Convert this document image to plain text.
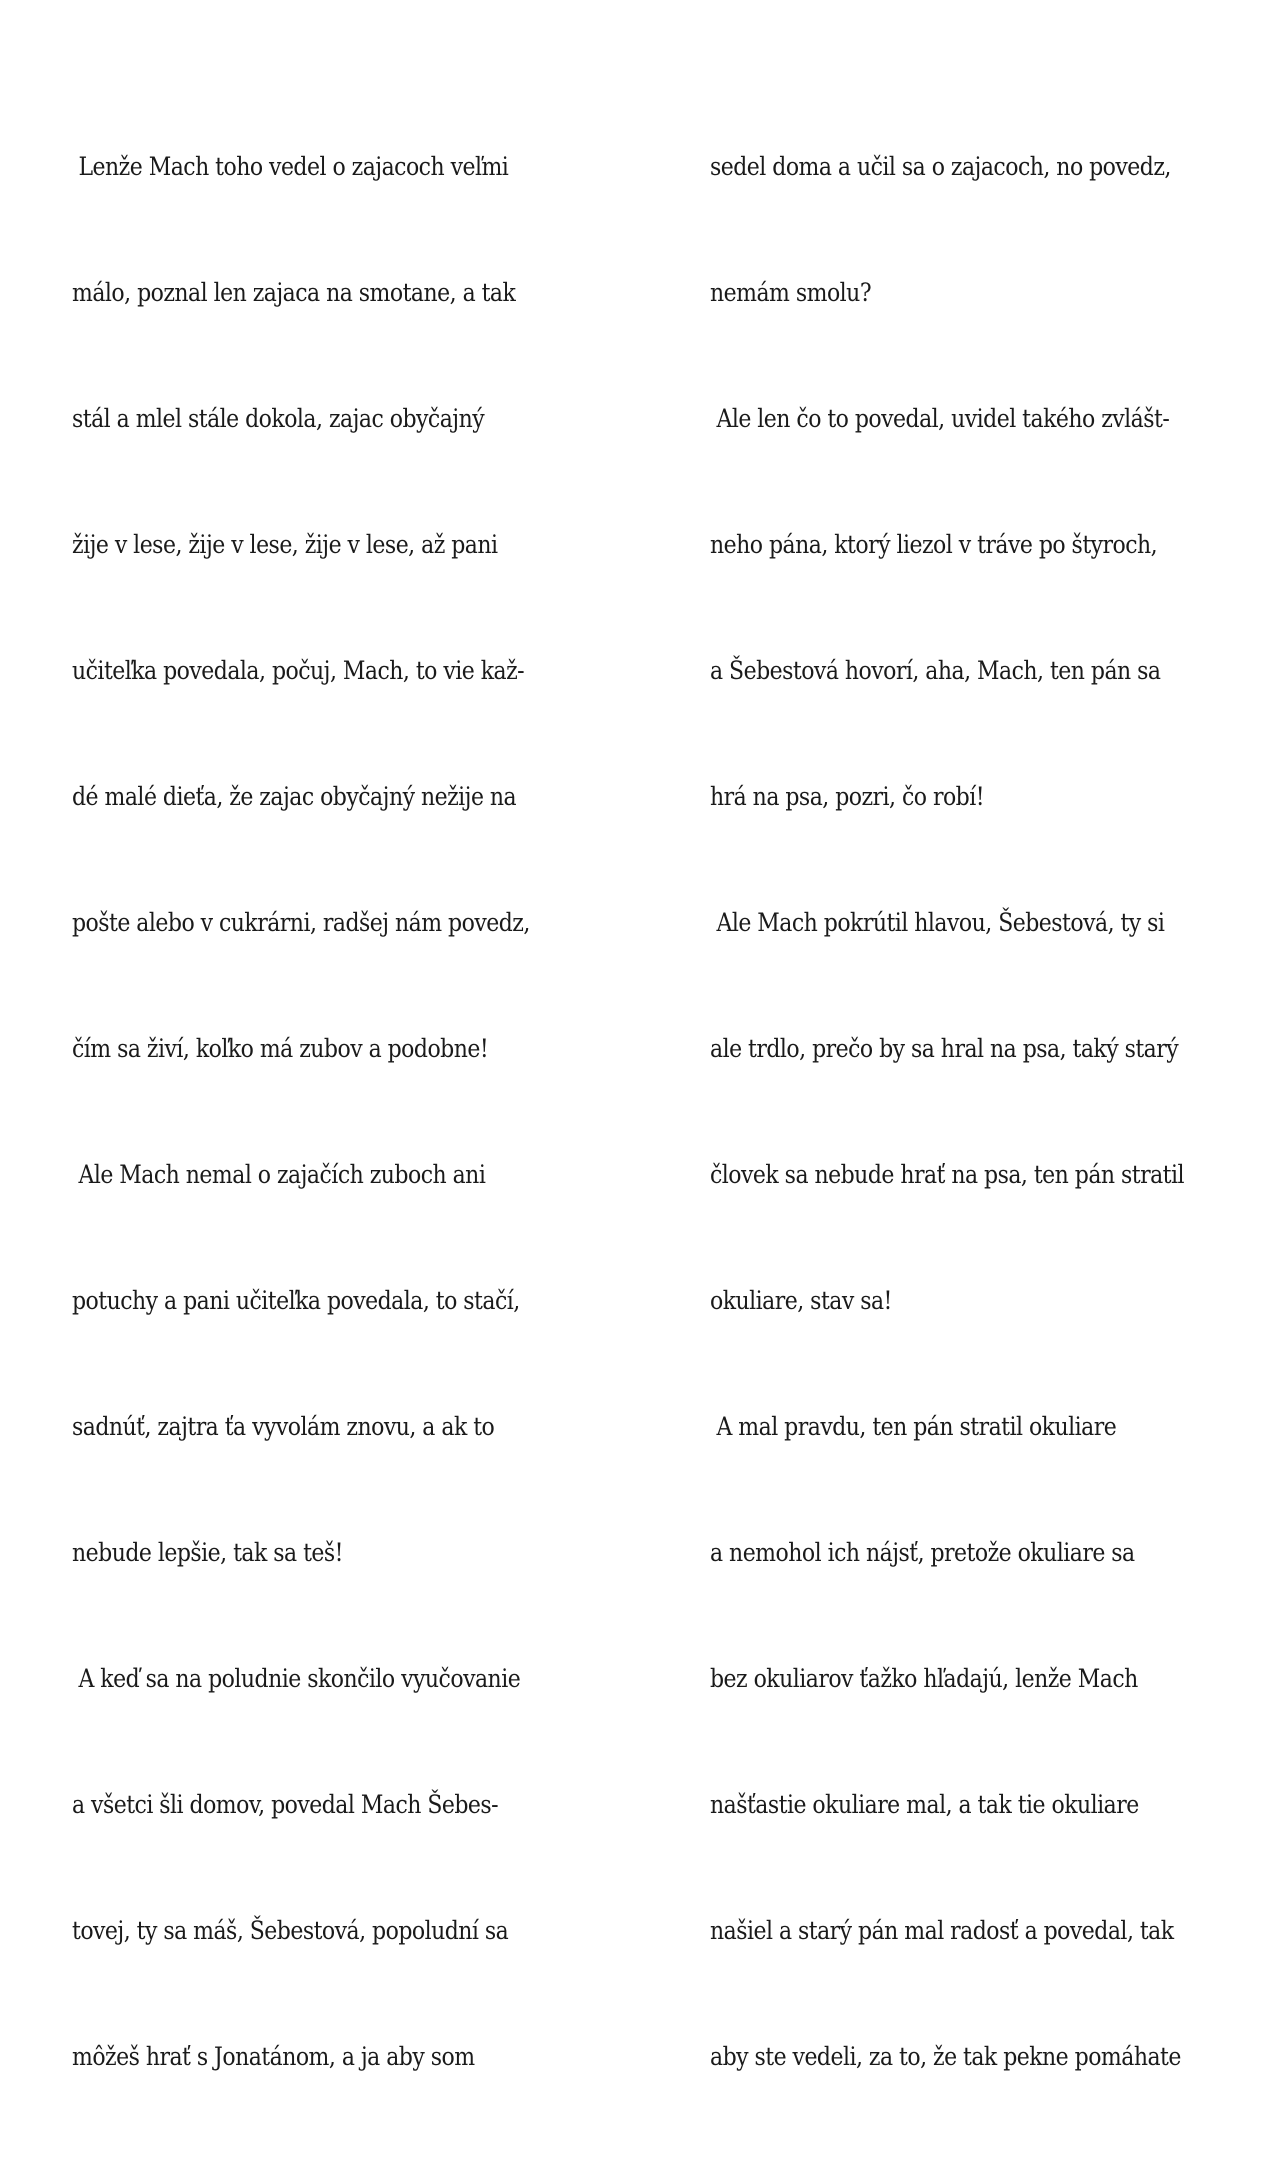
Lenže Mach toho vedel o zajacoch veľmi

málo, poznal len zajaca na smotane, a tak

stál a mlel stále dokola, zajac obyčajný

žije v lese, žije v lese, žije v lese, až pani

učiteľka povedala, počuj, Mach, to vie kaž-

dé malé dieťa, že zajac obyčajný nežije na

pošte alebo v cukrárni, radšej nám povedz,

čím sa živí, koľko má zubov a podobne!

Ale Mach nemal o zajačích zuboch ani

potuchy a pani učiteľka povedala, to stačí,

sadnúť, zajtra ťa vyvolám znovu, a ak to

nebude lepšie, tak sa teš!

A keď sa na poludnie skončilo vyučovanie

a všetci šli domov, povedal Mach Šebes-

tovej, ty sa máš, Šebestová, popoludní sa

môžeš hrať s Jonatánom, a ja aby som

sedel doma a učil sa o zajacoch, no povedz,

nemám smolu?

Ale len čo to povedal, uvidel takého zvlášt-

neho pána, ktorý liezol v tráve po štyroch,

a Šebestová hovorí, aha, Mach, ten pán sa

hrá na psa, pozri, čo robí!

Ale Mach pokrútil hlavou, Šebestová, ty si

ale trdlo, prečo by sa hral na psa, taký starý

človek sa nebude hrať na psa, ten pán stratil

okuliare, stav sa!

A mal pravdu, ten pán stratil okuliare

a nemohol ich nájsť, pretože okuliare sa

bez okuliarov ťažko hľadajú, lenže Mach

našťastie okuliare mal, a tak tie okuliare

našiel a starý pán mal radosť a povedal, tak

aby ste vedeli, za to, že tak pekne pomáhate
